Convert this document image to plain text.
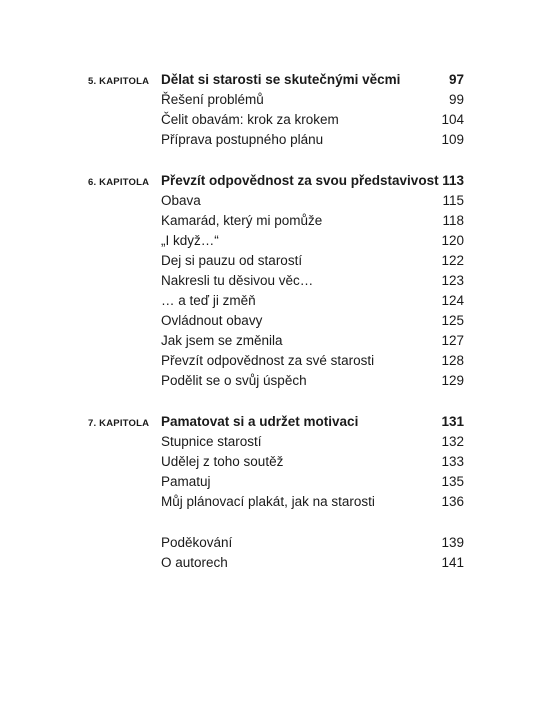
5. KAPITOLA Dělat si starosti se skutečnými věcmi	97
Řešení problémů	99
Čelit obavám: krok za krokem	104
Příprava postupného plánu	109
6. KAPITOLA Převzít odpovědnost za svou představivost 113
Obava	115
Kamarád, který mi pomůže	118
„I když…“	120
Dej si pauzu od starostí	122
Nakresli tu děsivou věc…	123
… a teď ji změň	124
Ovládnout obavy	125
Jak jsem se změnila	127
Převzít odpovědnost za své starosti	128
Podělit se o svůj úspěch	129
7. KAPITOLA Pamatovat si a udržet motivaci	131
Stupnice starostí	132
Udělej z toho soutěž	133
Pamatuj	135
Můj plánovací plakát, jak na starosti	136
Poděkování	139
O autorech	141
